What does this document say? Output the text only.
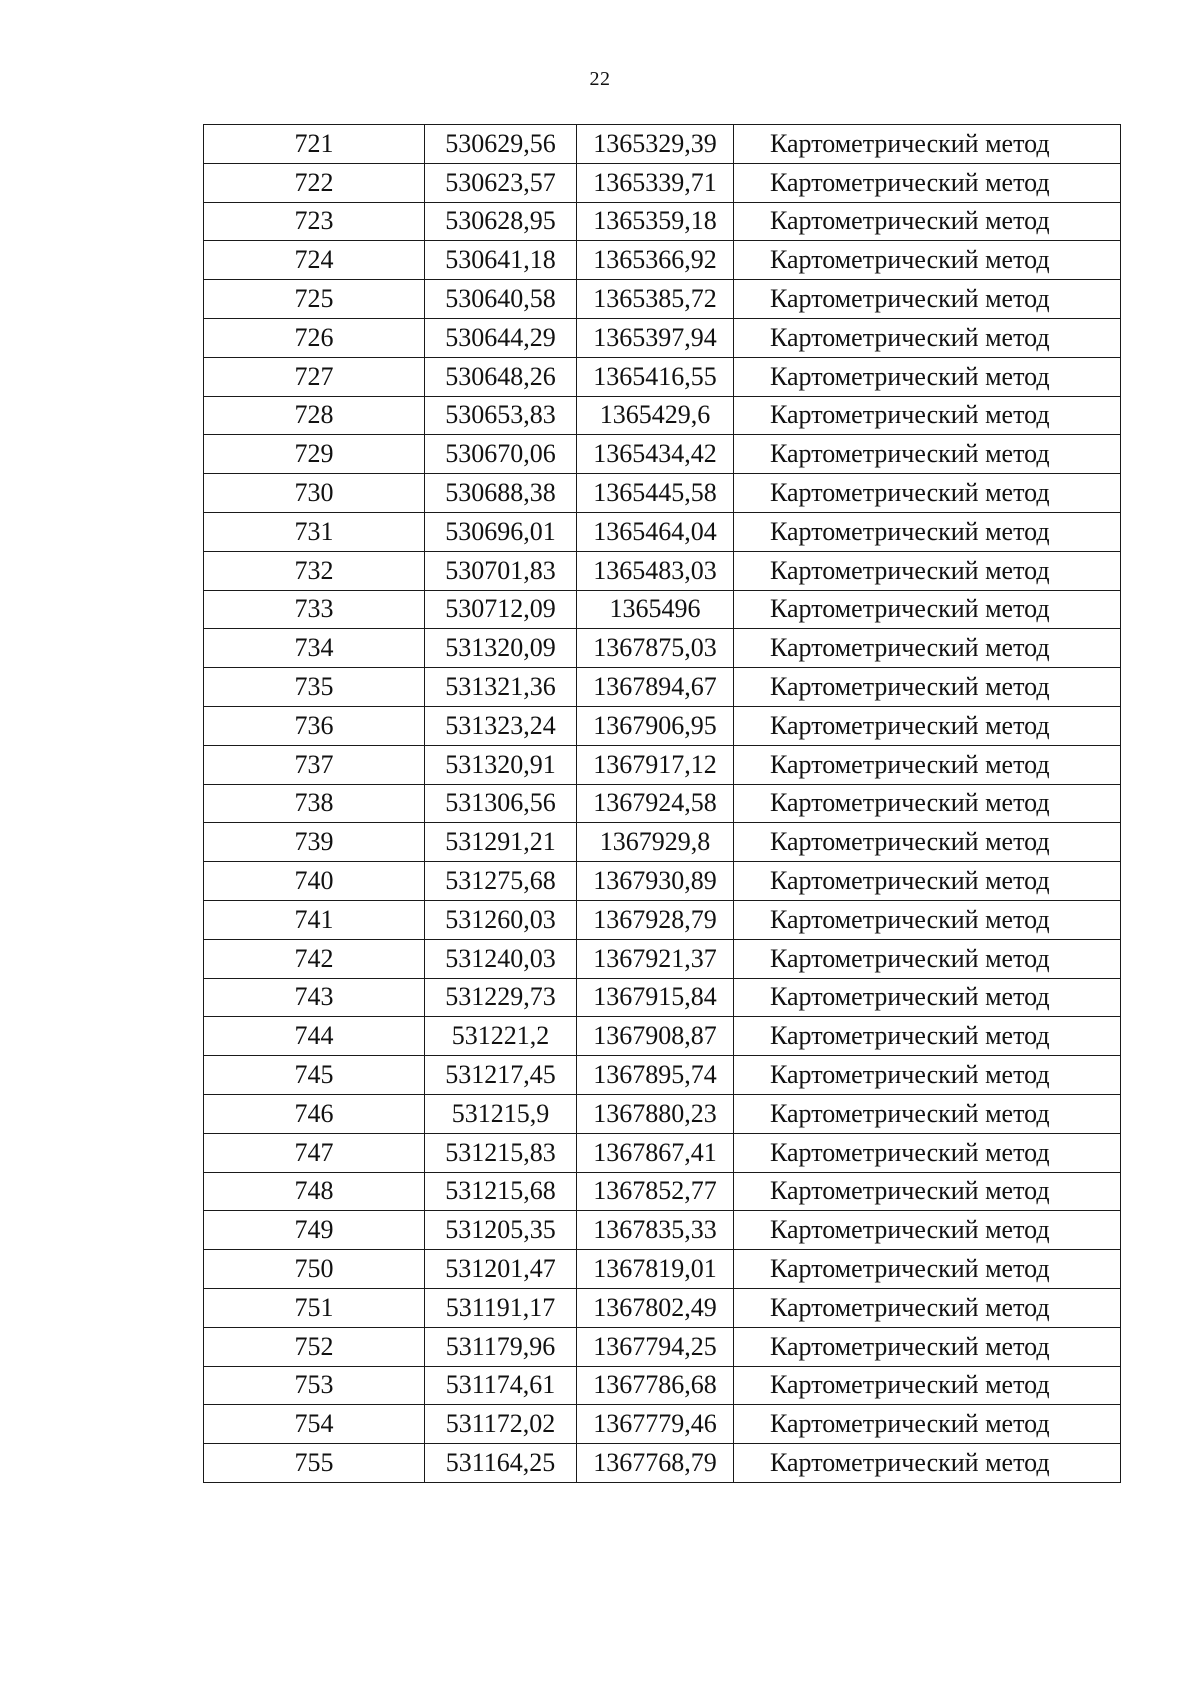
22
721	530629,56	1365329,39	Картометрический метод
722	530623,57	1365339,71	Картометрический метод
723	530628,95	1365359,18	Картометрический метод
724	530641,18	1365366,92	Картометрический метод
725	530640,58	1365385,72	Картометрический метод
726	530644,29	1365397,94	Картометрический метод
727	530648,26	1365416,55	Картометрический метод
728	530653,83	1365429,6	Картометрический метод
729	530670,06	1365434,42	Картометрический метод
730	530688,38	1365445,58	Картометрический метод
731	530696,01	1365464,04	Картометрический метод
732	530701,83	1365483,03	Картометрический метод
733	530712,09	1365496	Картометрический метод
734	531320,09	1367875,03	Картометрический метод
735	531321,36	1367894,67	Картометрический метод
736	531323,24	1367906,95	Картометрический метод
737	531320,91	1367917,12	Картометрический метод
738	531306,56	1367924,58	Картометрический метод
739	531291,21	1367929,8	Картометрический метод
740	531275,68	1367930,89	Картометрический метод
741	531260,03	1367928,79	Картометрический метод
742	531240,03	1367921,37	Картометрический метод
743	531229,73	1367915,84	Картометрический метод
744	531221,2	1367908,87	Картометрический метод
745	531217,45	1367895,74	Картометрический метод
746	531215,9	1367880,23	Картометрический метод
747	531215,83	1367867,41	Картометрический метод
748	531215,68	1367852,77	Картометрический метод
749	531205,35	1367835,33	Картометрический метод
750	531201,47	1367819,01	Картометрический метод
751	531191,17	1367802,49	Картометрический метод
752	531179,96	1367794,25	Картометрический метод
753	531174,61	1367786,68	Картометрический метод
754	531172,02	1367779,46	Картометрический метод
755	531164,25	1367768,79	Картометрический метод
